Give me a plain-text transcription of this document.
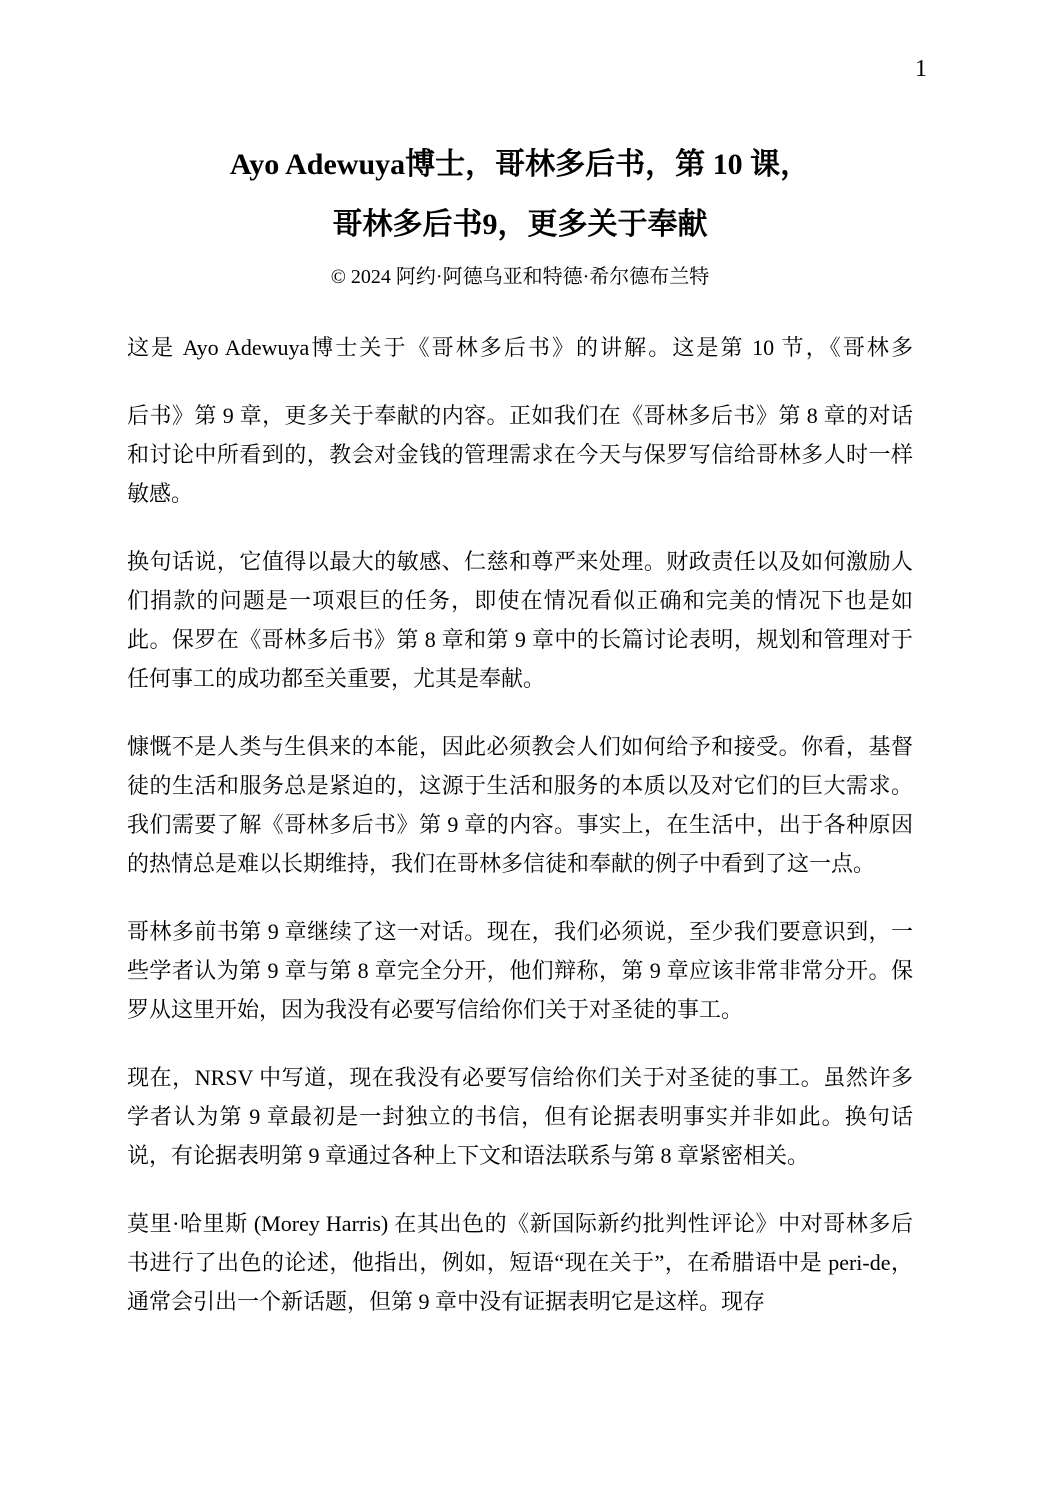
1
Ayo Adewuya博士，哥林多后书，第 10 课，
哥林多后书9，更多关于奉献

© 2024 阿约·阿德乌亚和特德·希尔德布兰特

这是 Ayo Adewuya博士关于《哥林多后书》的讲解。这是第 10 节，《哥林多

后书》第 9 章，更多关于奉献的内容。正如我们在《哥林多后书》第 8 章的对话和讨论中所看到的，教会对金钱的管理需求在今天与保罗写信给哥林多人时一样敏感。

换句话说，它值得以最大的敏感、仁慈和尊严来处理。财政责任以及如何激励人们捐款的问题是一项艰巨的任务，即使在情况看似正确和完美的情况下也是如此。保罗在《哥林多后书》第 8 章和第 9 章中的长篇讨论表明，规划和管理对于任何事工的成功都至关重要，尤其是奉献。

慷慨不是人类与生俱来的本能，因此必须教会人们如何给予和接受。你看，基督徒的生活和服务总是紧迫的，这源于生活和服务的本质以及对它们的巨大需求。我们需要了解《哥林多后书》第 9 章的内容。事实上，在生活中，出于各种原因的热情总是难以长期维持，我们在哥林多信徒和奉献的例子中看到了这一点。

哥林多前书第 9 章继续了这一对话。现在，我们必须说，至少我们要意识到，一些学者认为第 9 章与第 8 章完全分开，他们辩称，第 9 章应该非常非常分开。保罗从这里开始，因为我没有必要写信给你们关于对圣徒的事工。

现在，NRSV 中写道，现在我没有必要写信给你们关于对圣徒的事工。虽然许多学者认为第 9 章最初是一封独立的书信，但有论据表明事实并非如此。换句话说，有论据表明第 9 章通过各种上下文和语法联系与第 8 章紧密相关。

莫里·哈里斯 (Morey Harris) 在其出色的《新国际新约批判性评论》中对哥林多后书进行了出色的论述，他指出，例如，短语“现在关于”，在希腊语中是 peri-de，通常会引出一个新话题，但第 9 章中没有证据表明它是这样。现存
